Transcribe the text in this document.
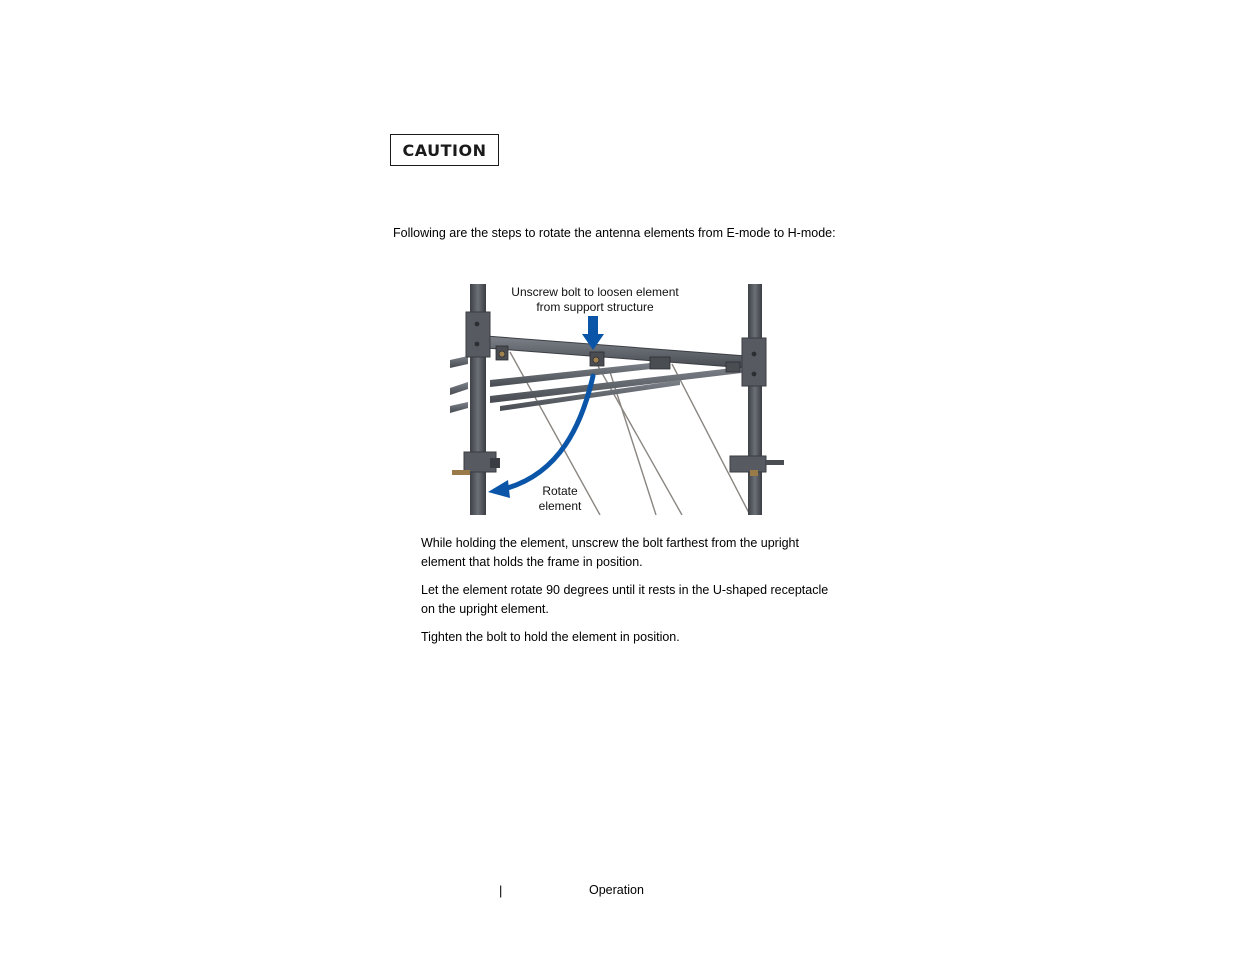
CAUTION
Following are the steps to rotate the antenna elements from E-mode to H-mode:
Unscrew bolt to loosen element
from support structure
Rotate
element

While holding the element, unscrew the bolt farthest from the upright element that holds the frame in position.

Let the element rotate 90 degrees until it rests in the U-shaped receptacle on the upright element.

Tighten the bolt to hold the element in position.

|	Operation
